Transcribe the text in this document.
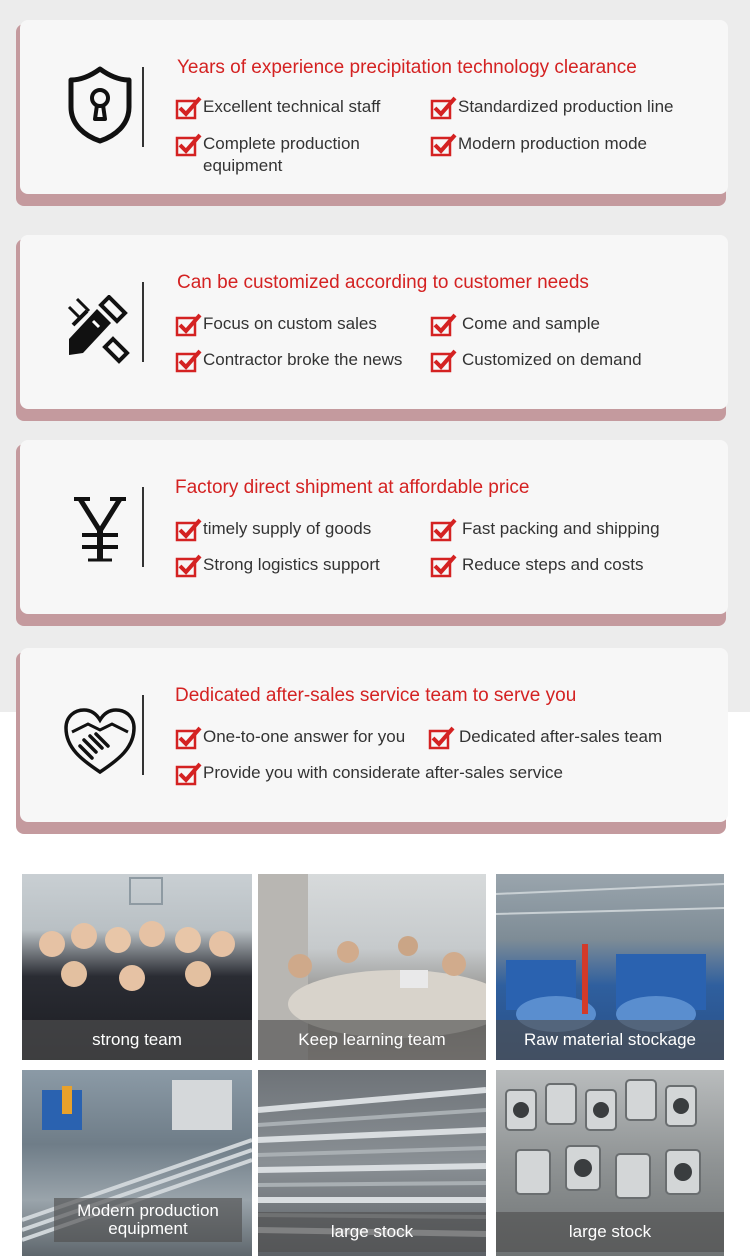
Years of experience precipitation technology clearance
Excellent technical staff	Standardized production line
Complete production equipment
Modern production mode
Can be customized according to customer needs
Focus on custom sales	Come and sample
Contractor broke the news	Customized on demand
Factory direct shipment at affordable price
timely supply of goods	Fast packing and shipping
Strong logistics support	Reduce steps and costs
Dedicated after-sales service team to serve you
One-to-one answer for you	Dedicated after-sales team
Provide you with considerate after-sales service
strong team	Keep learning team	Raw material stockage
Modern production equipment	large stock	large stock
